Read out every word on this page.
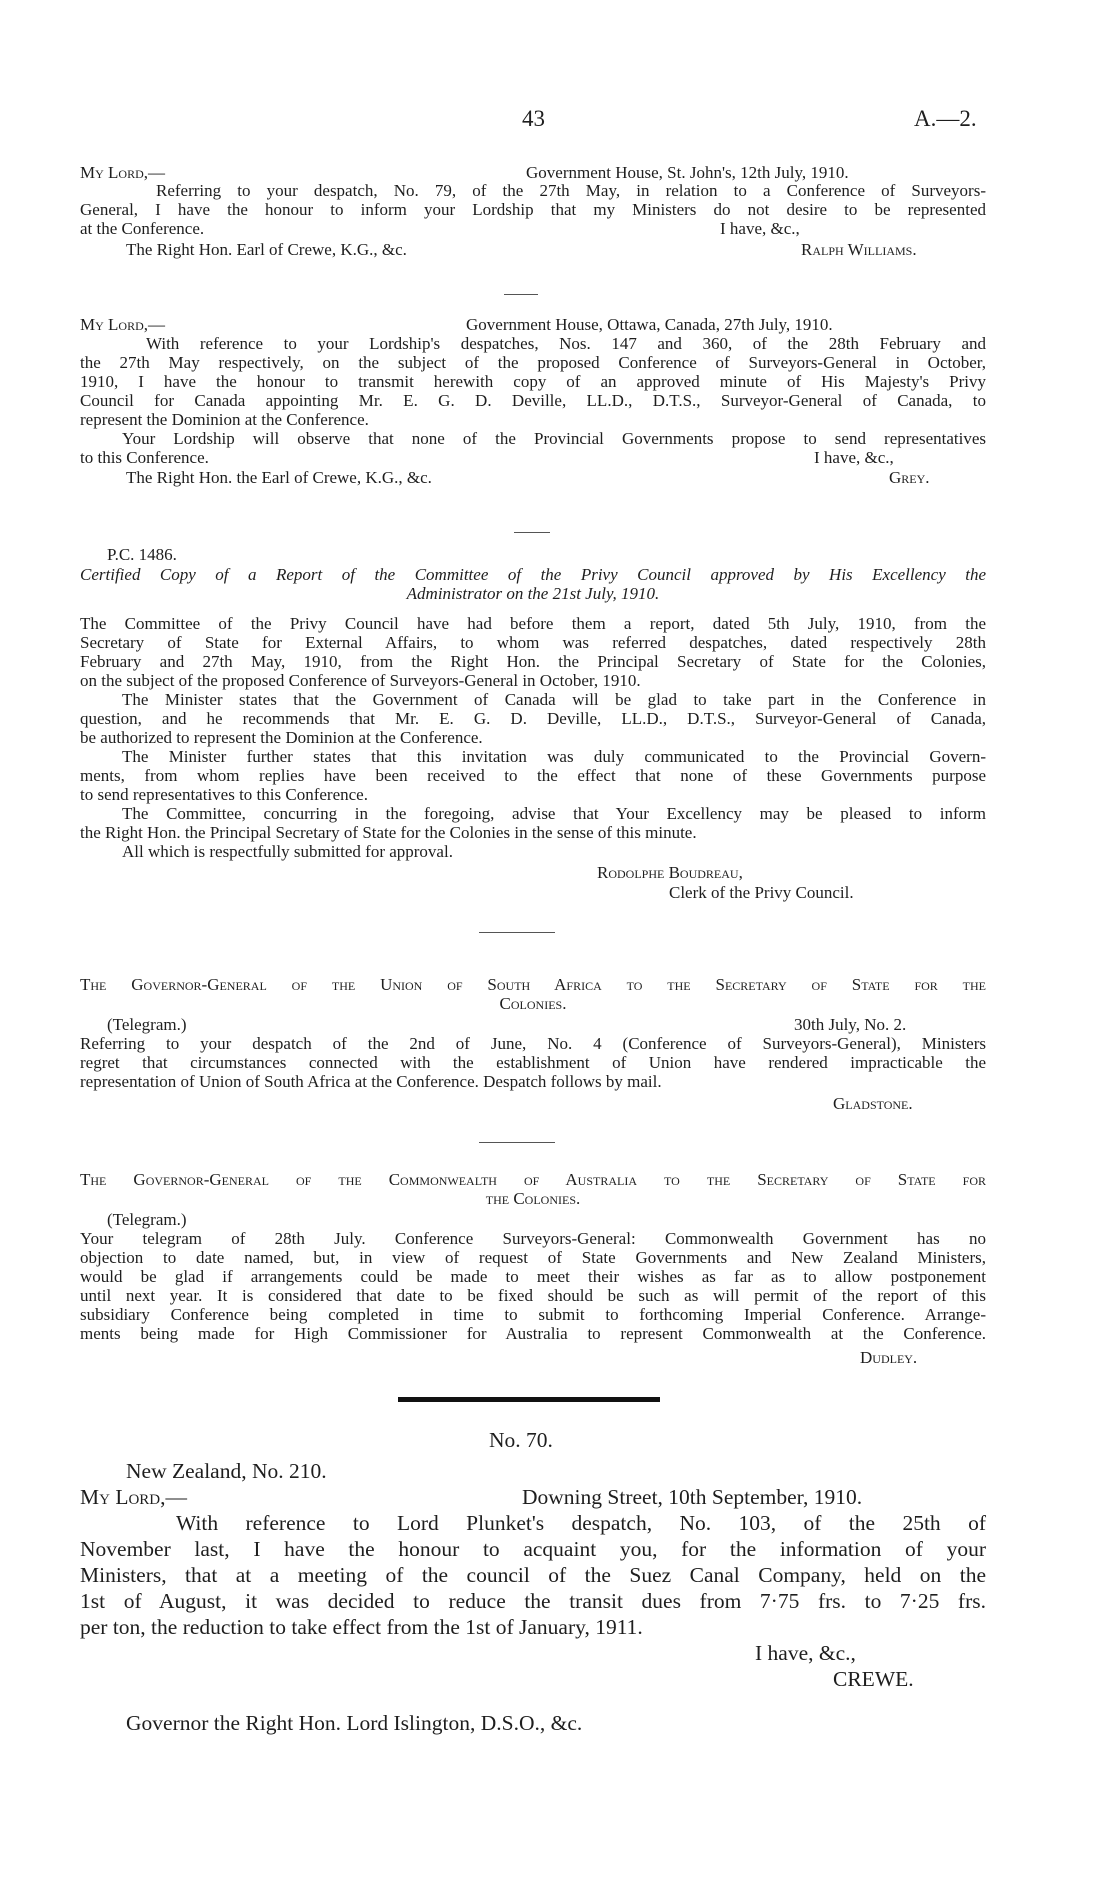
43	A.—2.
My Lord,—	Government House, St. John's, 12th July, 1910.
Referring to your despatch, No. 79, of the 27th May, in relation to a Conference of Surveyors-
General, I have the honour to inform your Lordship that my Ministers do not desire to be represented
at the Conference.	I have, &c.,
The Right Hon. Earl of Crewe, K.G., &c.	Ralph Williams.
My Lord,—	Government House, Ottawa, Canada, 27th July, 1910.
With reference to your Lordship's despatches, Nos. 147 and 360, of the 28th February and
the 27th May respectively, on the subject of the proposed Conference of Surveyors-General in October,
1910, I have the honour to transmit herewith copy of an approved minute of His Majesty's Privy
Council for Canada appointing Mr. E. G. D. Deville, LL.D., D.T.S., Surveyor-General of Canada, to
represent the Dominion at the Conference.
Your Lordship will observe that none of the Provincial Governments propose to send representatives
to this Conference.	I have, &c.,
The Right Hon. the Earl of Crewe, K.G., &c.	Grey.
P.C. 1486.
Certified Copy of a Report of the Committee of the Privy Council approved by His Excellency the
Administrator on the 21st July, 1910.
The Committee of the Privy Council have had before them a report, dated 5th July, 1910, from the
Secretary of State for External Affairs, to whom was referred despatches, dated respectively 28th
February and 27th May, 1910, from the Right Hon. the Principal Secretary of State for the Colonies,
on the subject of the proposed Conference of Surveyors-General in October, 1910.
The Minister states that the Government of Canada will be glad to take part in the Conference in
question, and he recommends that Mr. E. G. D. Deville, LL.D., D.T.S., Surveyor-General of Canada,
be authorized to represent the Dominion at the Conference.
The Minister further states that this invitation was duly communicated to the Provincial Govern-
ments, from whom replies have been received to the effect that none of these Governments purpose
to send representatives to this Conference.
The Committee, concurring in the foregoing, advise that Your Excellency may be pleased to inform
the Right Hon. the Principal Secretary of State for the Colonies in the sense of this minute.
All which is respectfully submitted for approval.
Rodolphe Boudreau,
Clerk of the Privy Council.
The Governor-General of the Union of South Africa to the Secretary of State for the
Colonies.
(Telegram.)	30th July, No. 2.
Referring to your despatch of the 2nd of June, No. 4 (Conference of Surveyors-General), Ministers
regret that circumstances connected with the establishment of Union have rendered impracticable the
representation of Union of South Africa at the Conference. Despatch follows by mail.
Gladstone.
The Governor-General of the Commonwealth of Australia to the Secretary of State for
the Colonies.
(Telegram.)
Your telegram of 28th July. Conference Surveyors-General: Commonwealth Government has no
objection to date named, but, in view of request of State Governments and New Zealand Ministers,
would be glad if arrangements could be made to meet their wishes as far as to allow postponement
until next year. It is considered that date to be fixed should be such as will permit of the report of this
subsidiary Conference being completed in time to submit to forthcoming Imperial Conference. Arrange-
ments being made for High Commissioner for Australia to represent Commonwealth at the Conference.
Dudley.
No. 70.
New Zealand, No. 210.
My Lord,—	Downing Street, 10th September, 1910.
With reference to Lord Plunket's despatch, No. 103, of the 25th of
November last, I have the honour to acquaint you, for the information of your
Ministers, that at a meeting of the council of the Suez Canal Company, held on the
1st of August, it was decided to reduce the transit dues from 7·75 frs. to 7·25 frs.
per ton, the reduction to take effect from the 1st of January, 1911.
I have, &c.,
CREWE.
Governor the Right Hon. Lord Islington, D.S.O., &c.
